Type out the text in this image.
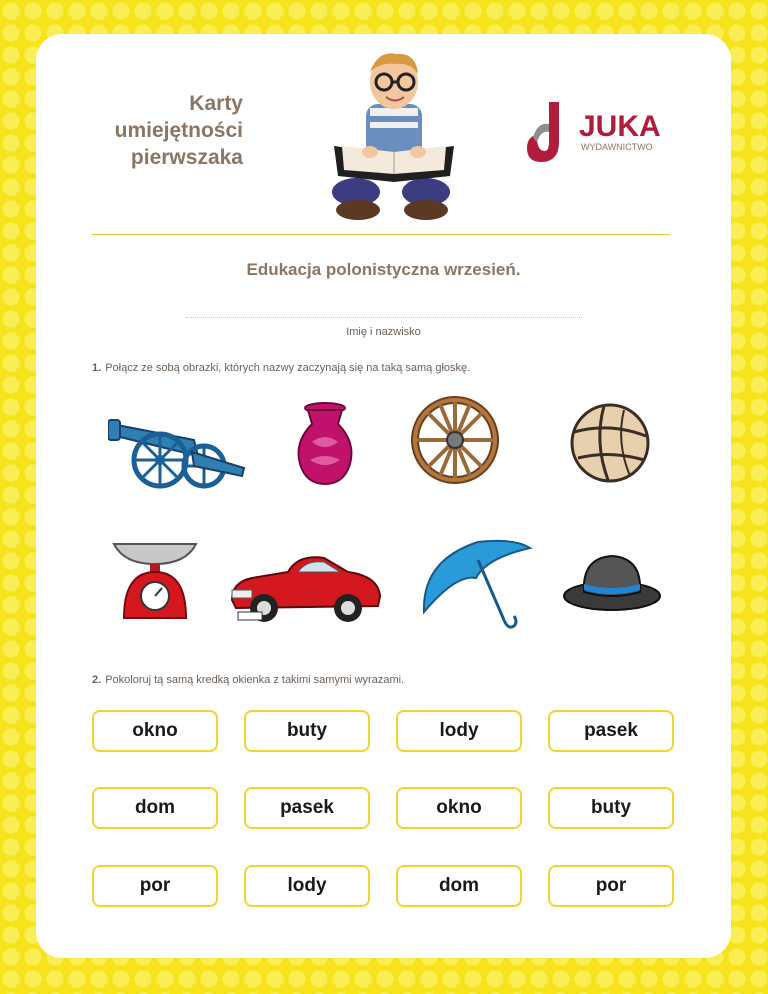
Karty
umiejętności
pierwszaka
JUKA
WYDAWNICTWO
Edukacja polonistyczna wrzesień.
Imię i nazwisko
1. Połącz ze sobą obrazki, których nazwy zaczynają się na taką samą głoskę.
2. Pokoloruj tą samą kredką okienka z takimi samymi wyrazami.
okno	buty	lody	pasek
dom	pasek	okno	buty
por	lody	dom	por
